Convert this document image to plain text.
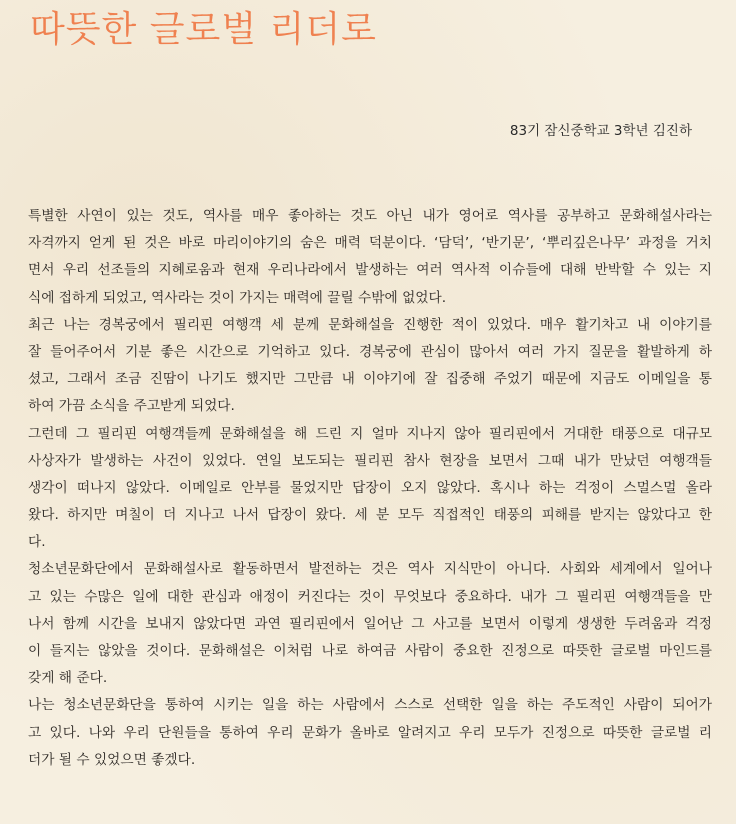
따뜻한 글로벌 리더로

83기 잠신중학교 3학년 김진하

특별한 사연이 있는 것도, 역사를 매우 좋아하는 것도 아닌 내가 영어로 역사를 공부하고 문화해설사라는
자격까지 얻게 된 것은 바로 마리이야기의 숨은 매력 덕분이다. ‘담덕’, ‘반기문’, ‘뿌리깊은나무’ 과정을 거치
면서 우리 선조들의 지혜로움과 현재 우리나라에서 발생하는 여러 역사적 이슈들에 대해 반박할 수 있는 지
식에 접하게 되었고, 역사라는 것이 가지는 매력에 끌릴 수밖에 없었다.
최근 나는 경복궁에서 필리핀 여행객 세 분께 문화해설을 진행한 적이 있었다. 매우 활기차고 내 이야기를
잘 들어주어서 기분 좋은 시간으로 기억하고 있다. 경복궁에 관심이 많아서 여러 가지 질문을 활발하게 하
셨고, 그래서 조금 진땀이 나기도 했지만 그만큼 내 이야기에 잘 집중해 주었기 때문에 지금도 이메일을 통
하여 가끔 소식을 주고받게 되었다.
그런데 그 필리핀 여행객들께 문화해설을 해 드린 지 얼마 지나지 않아 필리핀에서 거대한 태풍으로 대규모
사상자가 발생하는 사건이 있었다. 연일 보도되는 필리핀 참사 현장을 보면서 그때 내가 만났던 여행객들
생각이 떠나지 않았다. 이메일로 안부를 물었지만 답장이 오지 않았다. 혹시나 하는 걱정이 스멀스멀 올라
왔다. 하지만 며칠이 더 지나고 나서 답장이 왔다. 세 분 모두 직접적인 태풍의 피해를 받지는 않았다고 한
다.
청소년문화단에서 문화해설사로 활동하면서 발전하는 것은 역사 지식만이 아니다. 사회와 세계에서 일어나
고 있는 수많은 일에 대한 관심과 애정이 커진다는 것이 무엇보다 중요하다. 내가 그 필리핀 여행객들을 만
나서 함께 시간을 보내지 않았다면 과연 필리핀에서 일어난 그 사고를 보면서 이렇게 생생한 두려움과 걱정
이 들지는 않았을 것이다. 문화해설은 이처럼 나로 하여금 사람이 중요한 진정으로 따뜻한 글로벌 마인드를
갖게 해 준다.
나는 청소년문화단을 통하여 시키는 일을 하는 사람에서 스스로 선택한 일을 하는 주도적인 사람이 되어가
고 있다. 나와 우리 단원들을 통하여 우리 문화가 올바로 알려지고 우리 모두가 진정으로 따뜻한 글로벌 리
더가 될 수 있었으면 좋겠다.
